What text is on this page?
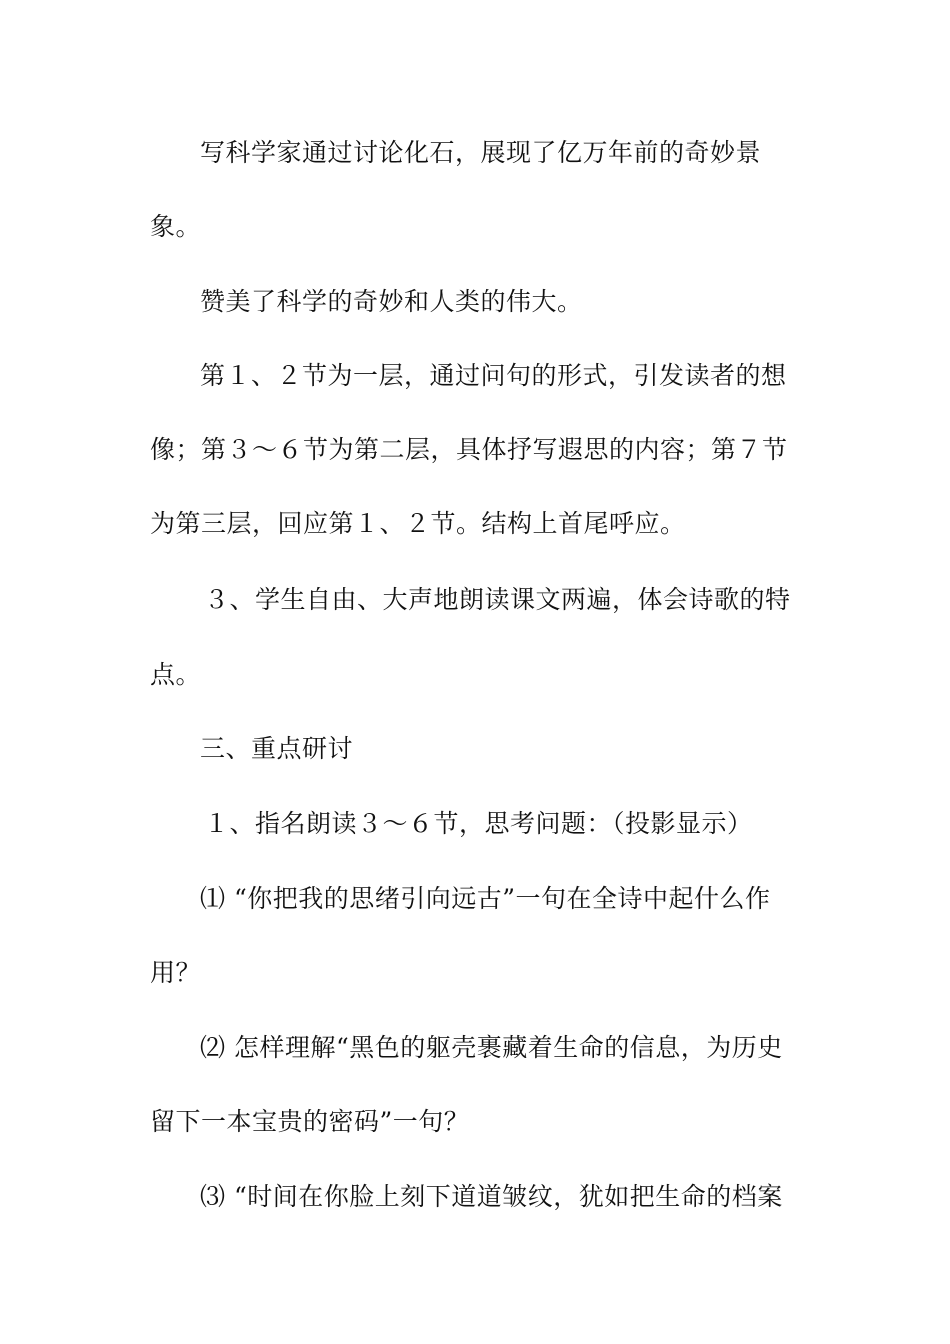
写科学家通过讨论化石，展现了亿万年前的奇妙景
象。
赞美了科学的奇妙和人类的伟大。
第１、２节为一层，通过问句的形式，引发读者的想
像；第３～６节为第二层，具体抒写遐思的内容；第７节
为第三层，回应第１、２节。结构上首尾呼应。
３、学生自由、大声地朗读课文两遍，体会诗歌的特
点。
三、重点研讨
１、指名朗读３～６节，思考问题：（投影显示）
⑴ “你把我的思绪引向远古”一句在全诗中起什么作
用？
⑵ 怎样理解“黑色的躯壳裹藏着生命的信息，为历史
留下一本宝贵的密码”一句？
⑶ “时间在你脸上刻下道道皱纹，犹如把生命的档案
